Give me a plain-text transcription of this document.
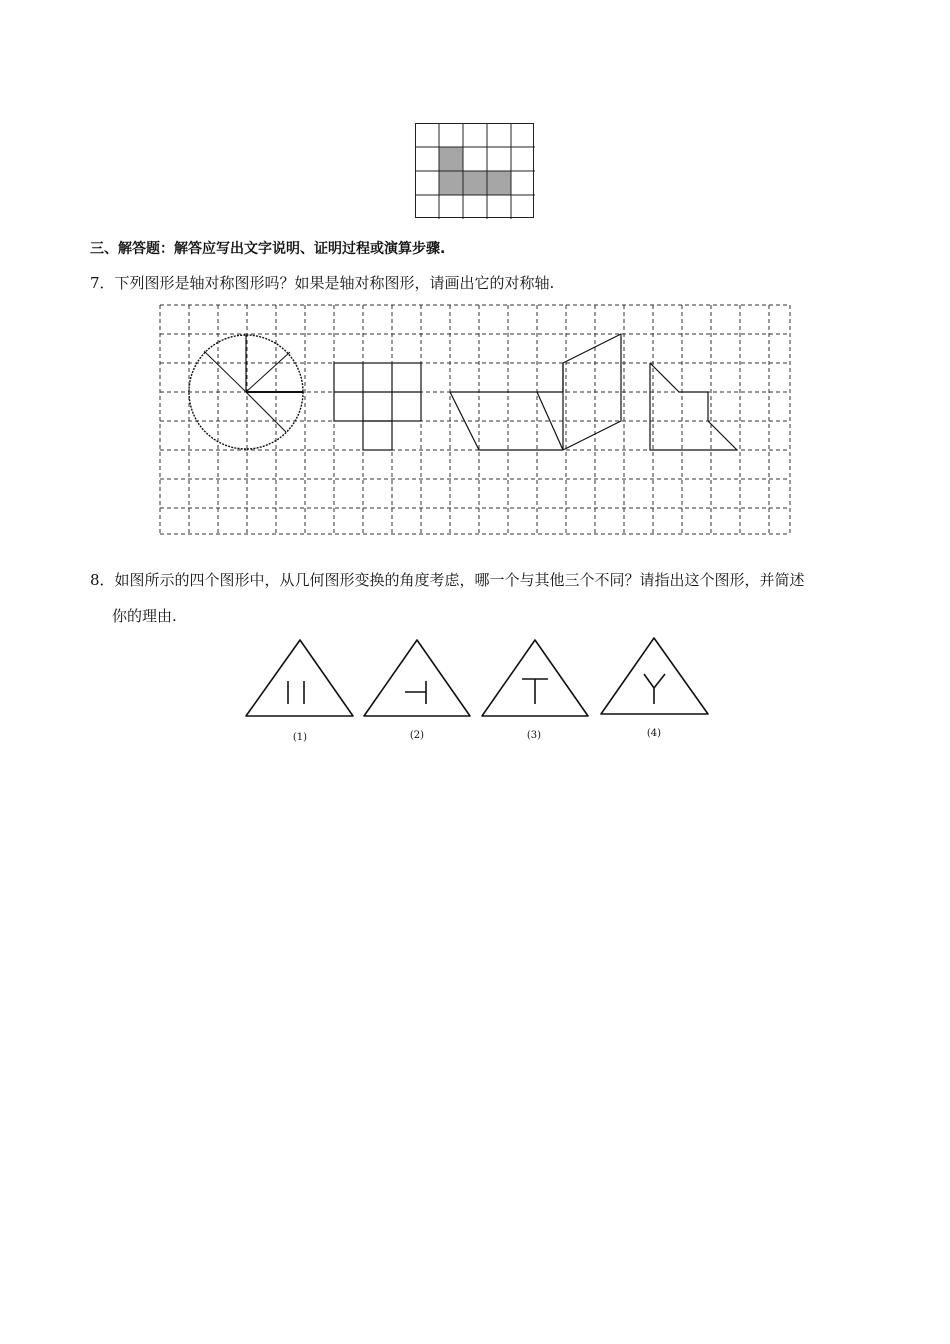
三、解答题：解答应写出文字说明、证明过程或演算步骤.

7．下列图形是轴对称图形吗？如果是轴对称图形，请画出它的对称轴.

8．如图所示的四个图形中，从几何图形变换的角度考虑，哪一个与其他三个不同？请指出这个图形，并简述

你的理由.

(1)	(2)	(3)	(4)
